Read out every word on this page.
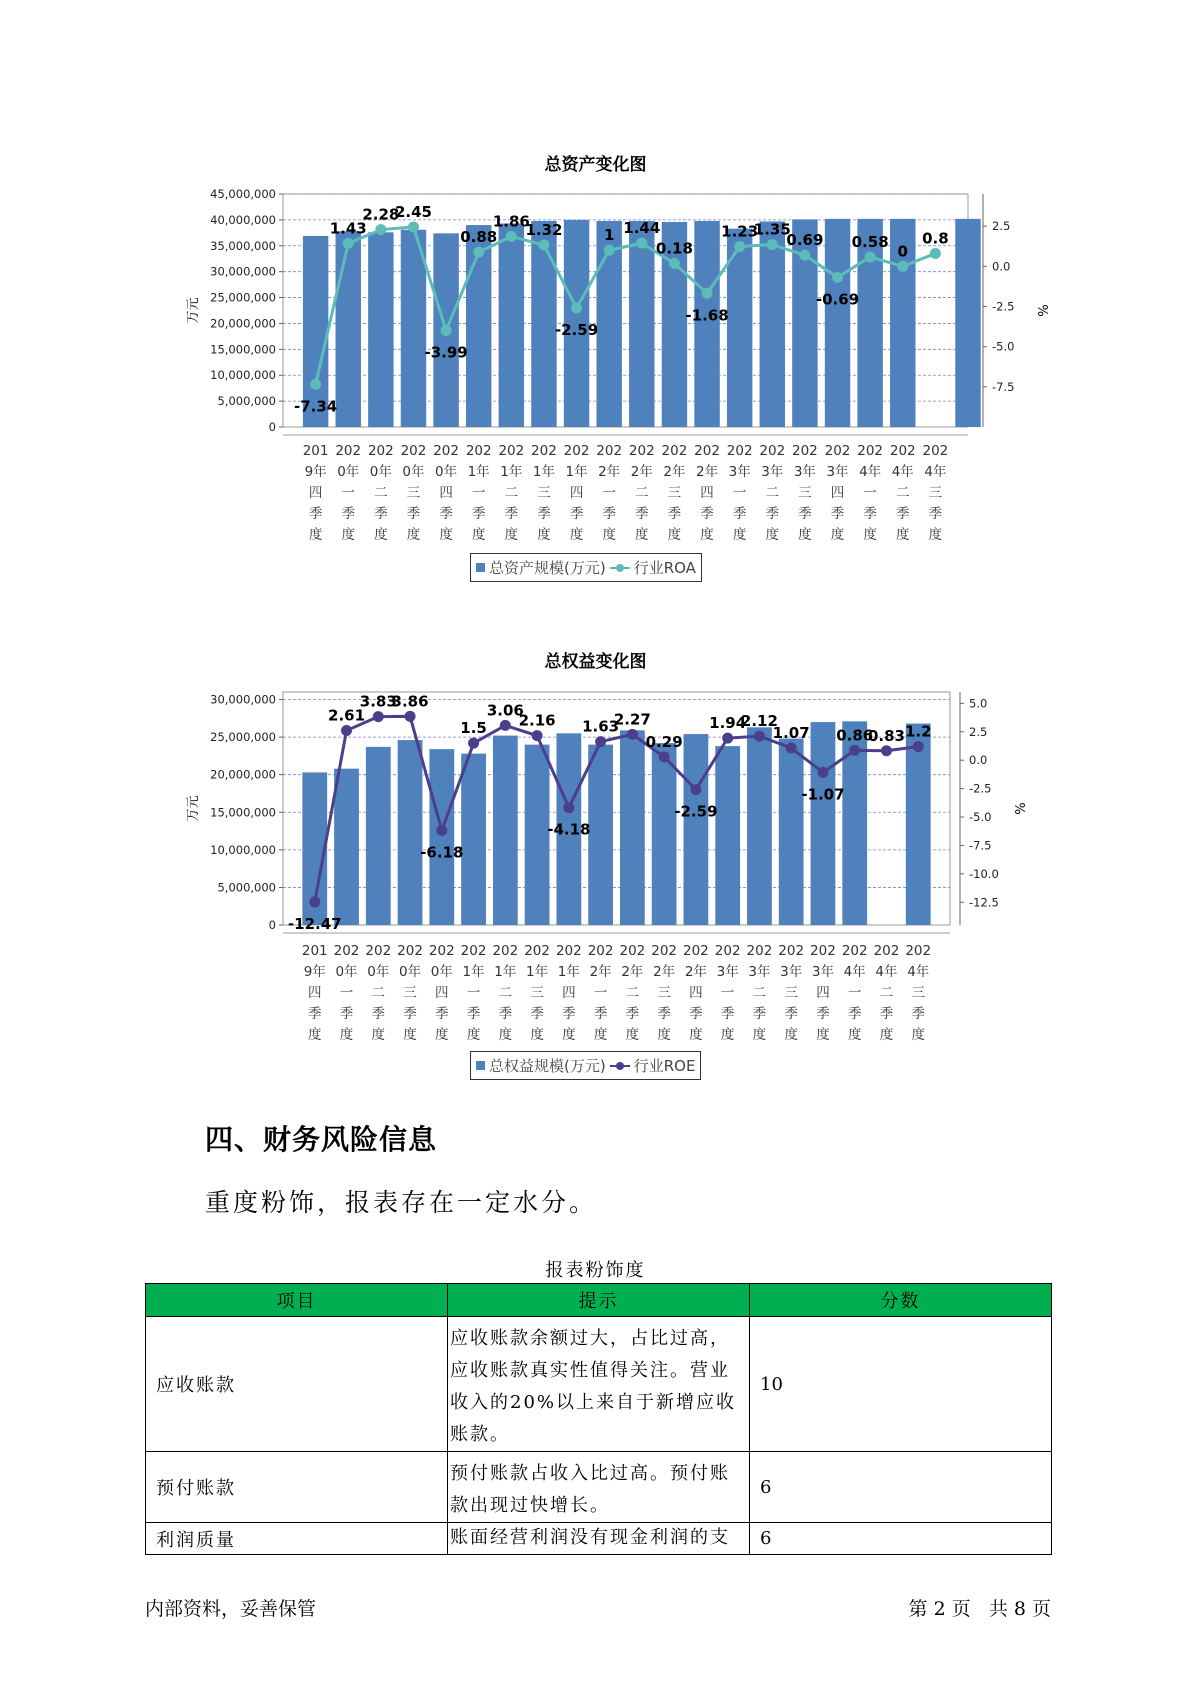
总资产变化图
0
5,000,000
10,000,000
15,000,000
20,000,000
25,000,000
30,000,000
35,000,000
40,000,000
45,000,000
-7.5
-5.0
-2.5
0.0
2.5
万元	%
-7.34
1.43
2.28
2.45
-3.99
0.88
1.86
1.32
-2.59
1 1.44
0.18
-1.68
1.23
1.35
0.69
-0.69
0.58
0
0.8
201
9年
四
季
度
202
0年
一
季
度
202
0年
二
季
度
202
0年
三
季
度
202
0年
四
季
度
202
1年
一
季
度
202
1年
二
季
度
202
1年
三
季
度
202
1年
四
季
度
202
2年
一
季
度
202
2年
二
季
度
202
2年
三
季
度
202
2年
四
季
度
202
3年
一
季
度
202
3年
二
季
度
202
3年
三
季
度
202
3年
四
季
度
202
4年
一
季
度
202
4年
二
季
度
202
4年
三
季
度
总资产规模(万元) 行业ROA
总权益变化图
0
5,000,000
10,000,000
15,000,000
20,000,000
25,000,000
30,000,000
-12.5
-10.0
-7.5
-5.0
-2.5
0.0
2.5
5.0
万元	%
-12.47
2.61
3.83
3.86
-6.18
1.5
3.06
2.16
-4.18
1.63
2.27
0.29
-2.59
1.94
2.12
1.07
-1.07
0.86
0.83 1.2
201
9年
四
季
度
202
0年
一
季
度
202
0年
二
季
度
202
0年
三
季
度
202
0年
四
季
度
202
1年
一
季
度
202
1年
二
季
度
202
1年
三
季
度
202
1年
四
季
度
202
2年
一
季
度
202
2年
二
季
度
202
2年
三
季
度
202
2年
四
季
度
202
3年
一
季
度
202
3年
二
季
度
202
3年
三
季
度
202
3年
四
季
度
202
4年
一
季
度
202
4年
二
季
度
202
4年
三
季
度
总权益规模(万元) 行业ROE
四、财务风险信息
重度粉饰，报表存在一定水分。
报表粉饰度
项目	提示	分数
应收账款	应收账款余额过大，占比过高，应收账款真实性值得关注。营业收入的20%以上来自于新增应收账款。	10
预付账款	预付账款占收入比过高。预付账款出现过快增长。	6
利润质量	账面经营利润没有现金利润的支	6
内部资料，妥善保管	第 2 页   共 8 页
